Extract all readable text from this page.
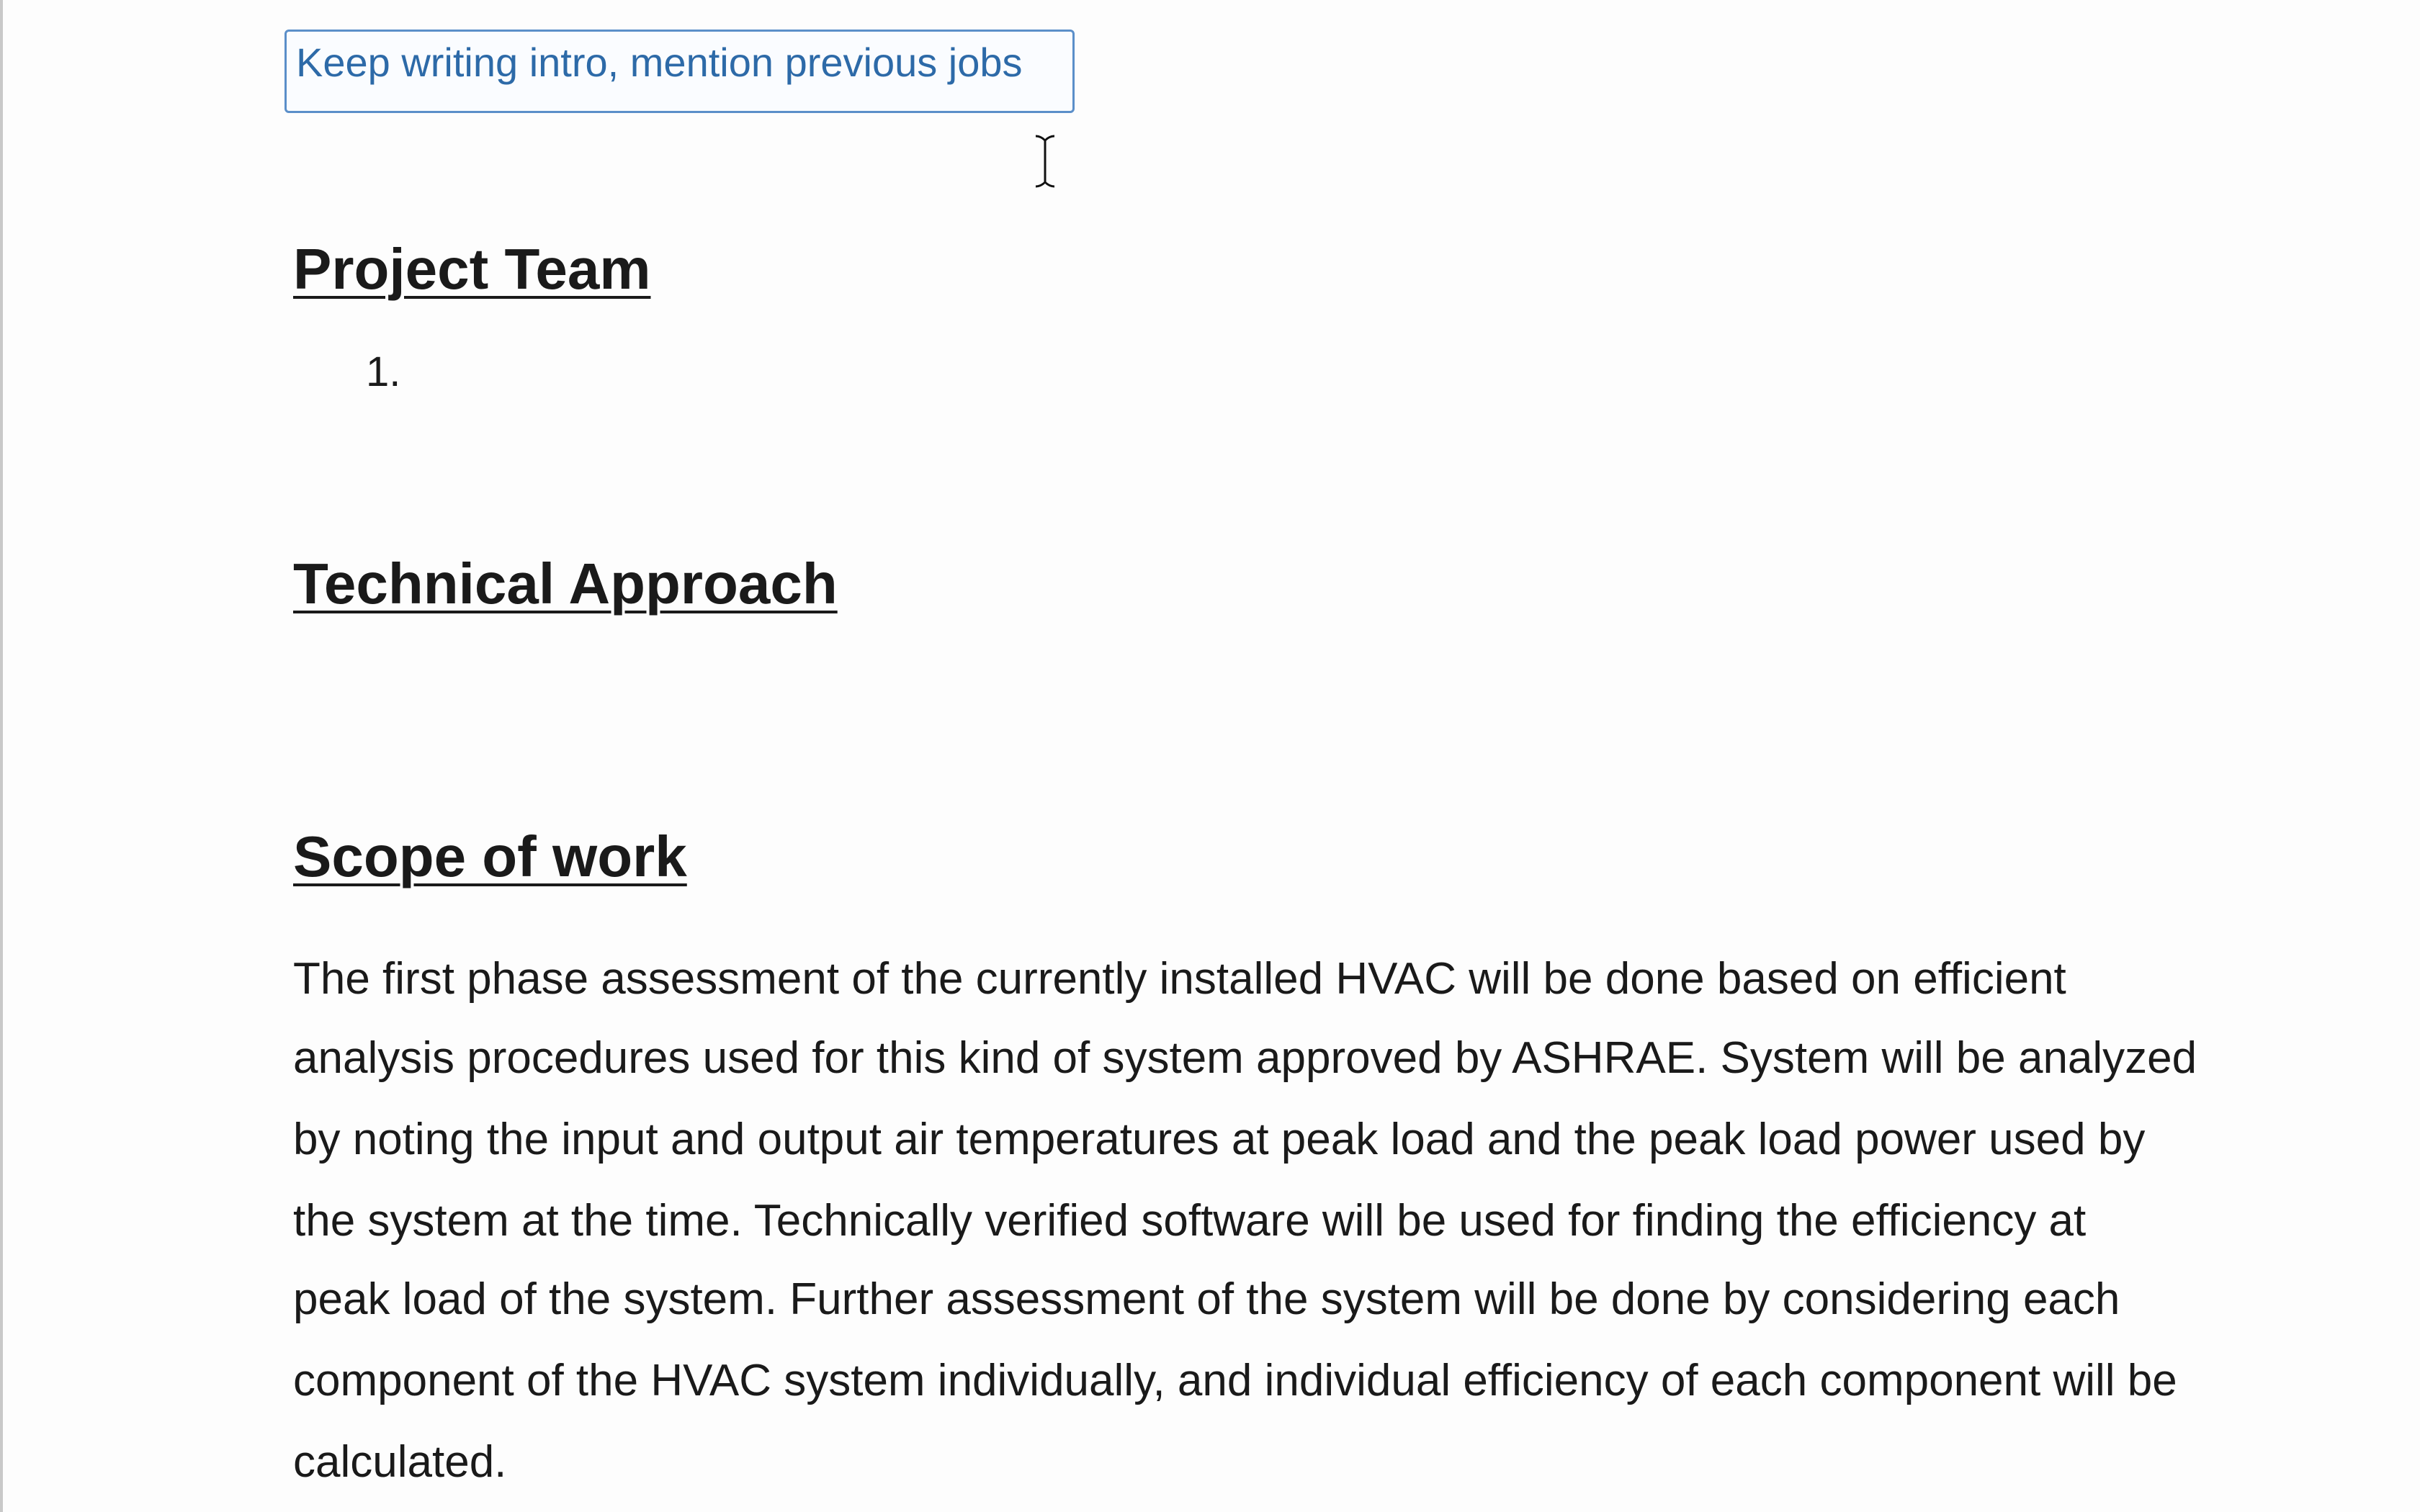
Keep writing intro, mention previous jobs
Project Team
1.
Technical Approach
Scope of work
The first phase assessment of the currently installed HVAC will be done based on efficient
analysis procedures used for this kind of system approved by ASHRAE. System will be analyzed
by noting the input and output air temperatures at peak load and the peak load power used by
the system at the time. Technically verified software will be used for finding the efficiency at
peak load of the system. Further assessment of the system will be done by considering each
component of the HVAC system individually, and individual efficiency of each component will be
calculated.
